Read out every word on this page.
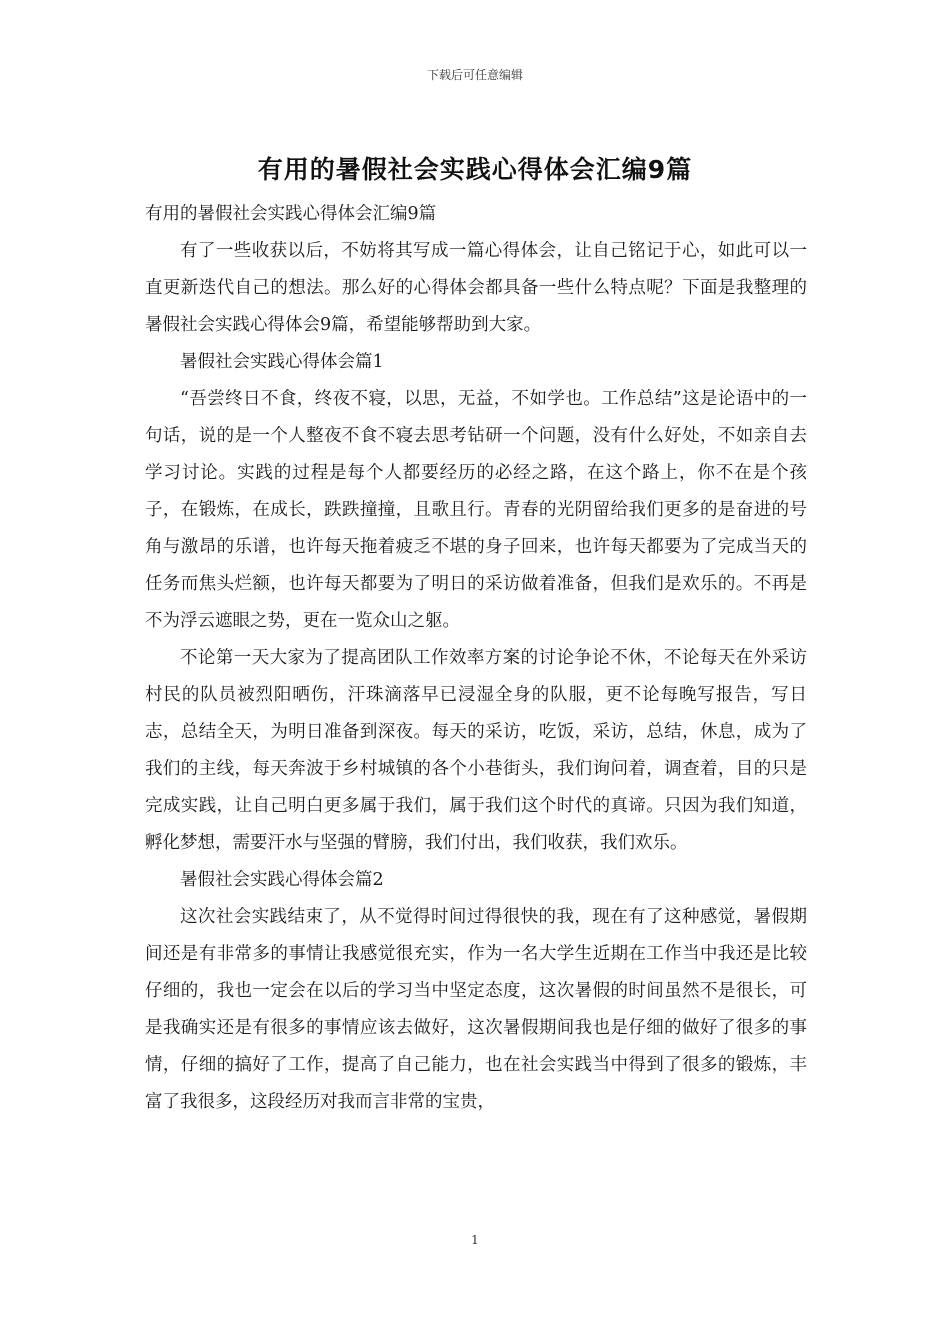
下载后可任意编辑
有用的暑假社会实践心得体会汇编9篇

有用的暑假社会实践心得体会汇编9篇

有了一些收获以后，不妨将其写成一篇心得体会，让自己铭记于心，如此可以一直更新迭代自己的想法。那么好的心得体会都具备一些什么特点呢？下面是我整理的暑假社会实践心得体会9篇，希望能够帮助到大家。

暑假社会实践心得体会篇1

“吾尝终日不食，终夜不寝，以思，无益，不如学也。工作总结”这是论语中的一句话，说的是一个人整夜不食不寝去思考钻研一个问题，没有什么好处，不如亲自去学习讨论。实践的过程是每个人都要经历的必经之路，在这个路上，你不在是个孩子，在锻炼，在成长，跌跌撞撞，且歌且行。青春的光阴留给我们更多的是奋进的号角与激昂的乐谱，也许每天拖着疲乏不堪的身子回来，也许每天都要为了完成当天的任务而焦头烂额，也许每天都要为了明日的采访做着准备，但我们是欢乐的。不再是不为浮云遮眼之势，更在一览众山之躯。

不论第一天大家为了提高团队工作效率方案的讨论争论不休，不论每天在外采访村民的队员被烈阳晒伤，汗珠滴落早已浸湿全身的队服，更不论每晚写报告，写日志，总结全天，为明日准备到深夜。每天的采访，吃饭，采访，总结，休息，成为了我们的主线，每天奔波于乡村城镇的各个小巷街头，我们询问着，调查着，目的只是完成实践，让自己明白更多属于我们，属于我们这个时代的真谛。只因为我们知道，孵化梦想，需要汗水与坚强的臂膀，我们付出，我们收获，我们欢乐。

暑假社会实践心得体会篇2

这次社会实践结束了，从不觉得时间过得很快的我，现在有了这种感觉，暑假期间还是有非常多的事情让我感觉很充实，作为一名大学生近期在工作当中我还是比较仔细的，我也一定会在以后的学习当中坚定态度，这次暑假的时间虽然不是很长，可是我确实还是有很多的事情应该去做好，这次暑假期间我也是仔细的做好了很多的事情，仔细的搞好了工作，提高了自己能力，也在社会实践当中得到了很多的锻炼，丰富了我很多，这段经历对我而言非常的宝贵，

1
